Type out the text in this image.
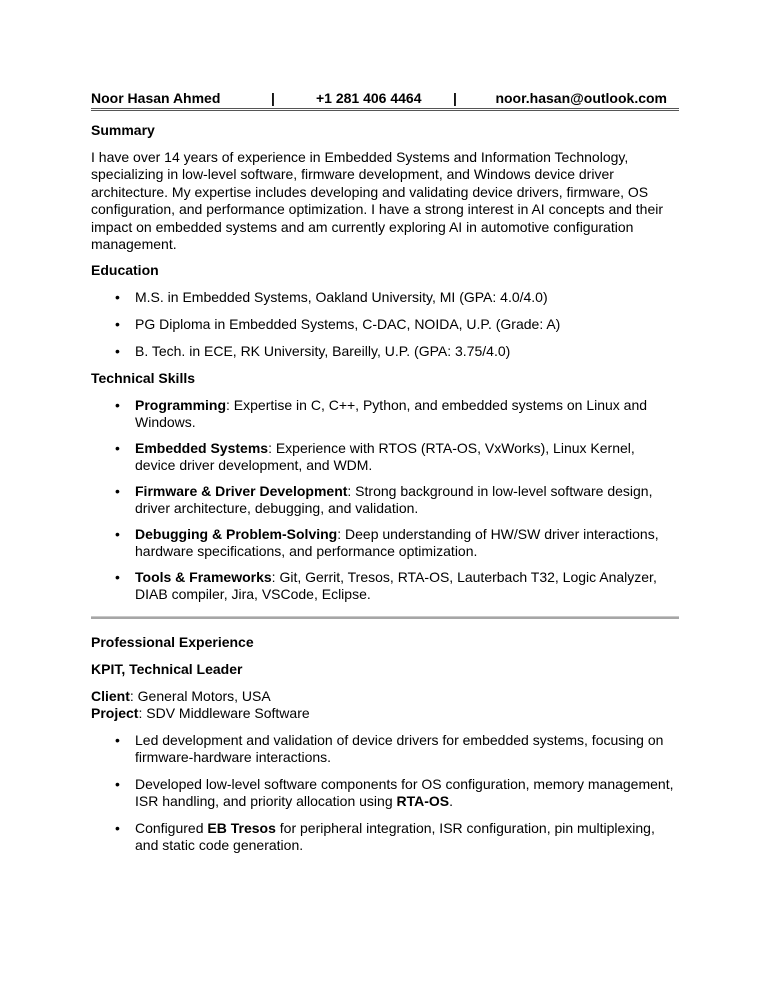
Noor Hasan Ahmed	|	+1 281 406 4464 |	noor.hasan@outlook.com
Summary

I have over 14 years of experience in Embedded Systems and Information Technology, specializing in low-level software, firmware development, and Windows device driver architecture. My expertise includes developing and validating device drivers, firmware, OS configuration, and performance optimization. I have a strong interest in AI concepts and their impact on embedded systems and am currently exploring AI in automotive configuration management.

Education
• M.S. in Embedded Systems, Oakland University, MI (GPA: 4.0/4.0)
• PG Diploma in Embedded Systems, C-DAC, NOIDA, U.P. (Grade: A)
• B. Tech. in ECE, RK University, Bareilly, U.P. (GPA: 3.75/4.0)
Technical Skills
• Programming: Expertise in C, C++, Python, and embedded systems on Linux and Windows.
• Embedded Systems: Experience with RTOS (RTA-OS, VxWorks), Linux Kernel, device driver development, and WDM.
• Firmware & Driver Development: Strong background in low-level software design, driver architecture, debugging, and validation.
• Debugging & Problem-Solving: Deep understanding of HW/SW driver interactions, hardware specifications, and performance optimization.
• Tools & Frameworks: Git, Gerrit, Tresos, RTA-OS, Lauterbach T32, Logic Analyzer, DIAB compiler, Jira, VSCode, Eclipse.
Professional Experience
KPIT, Technical Leader
Client: General Motors, USA
Project: SDV Middleware Software
• Led development and validation of device drivers for embedded systems, focusing on firmware-hardware interactions.
• Developed low-level software components for OS configuration, memory management, ISR handling, and priority allocation using RTA-OS.
• Configured EB Tresos for peripheral integration, ISR configuration, pin multiplexing, and static code generation.
